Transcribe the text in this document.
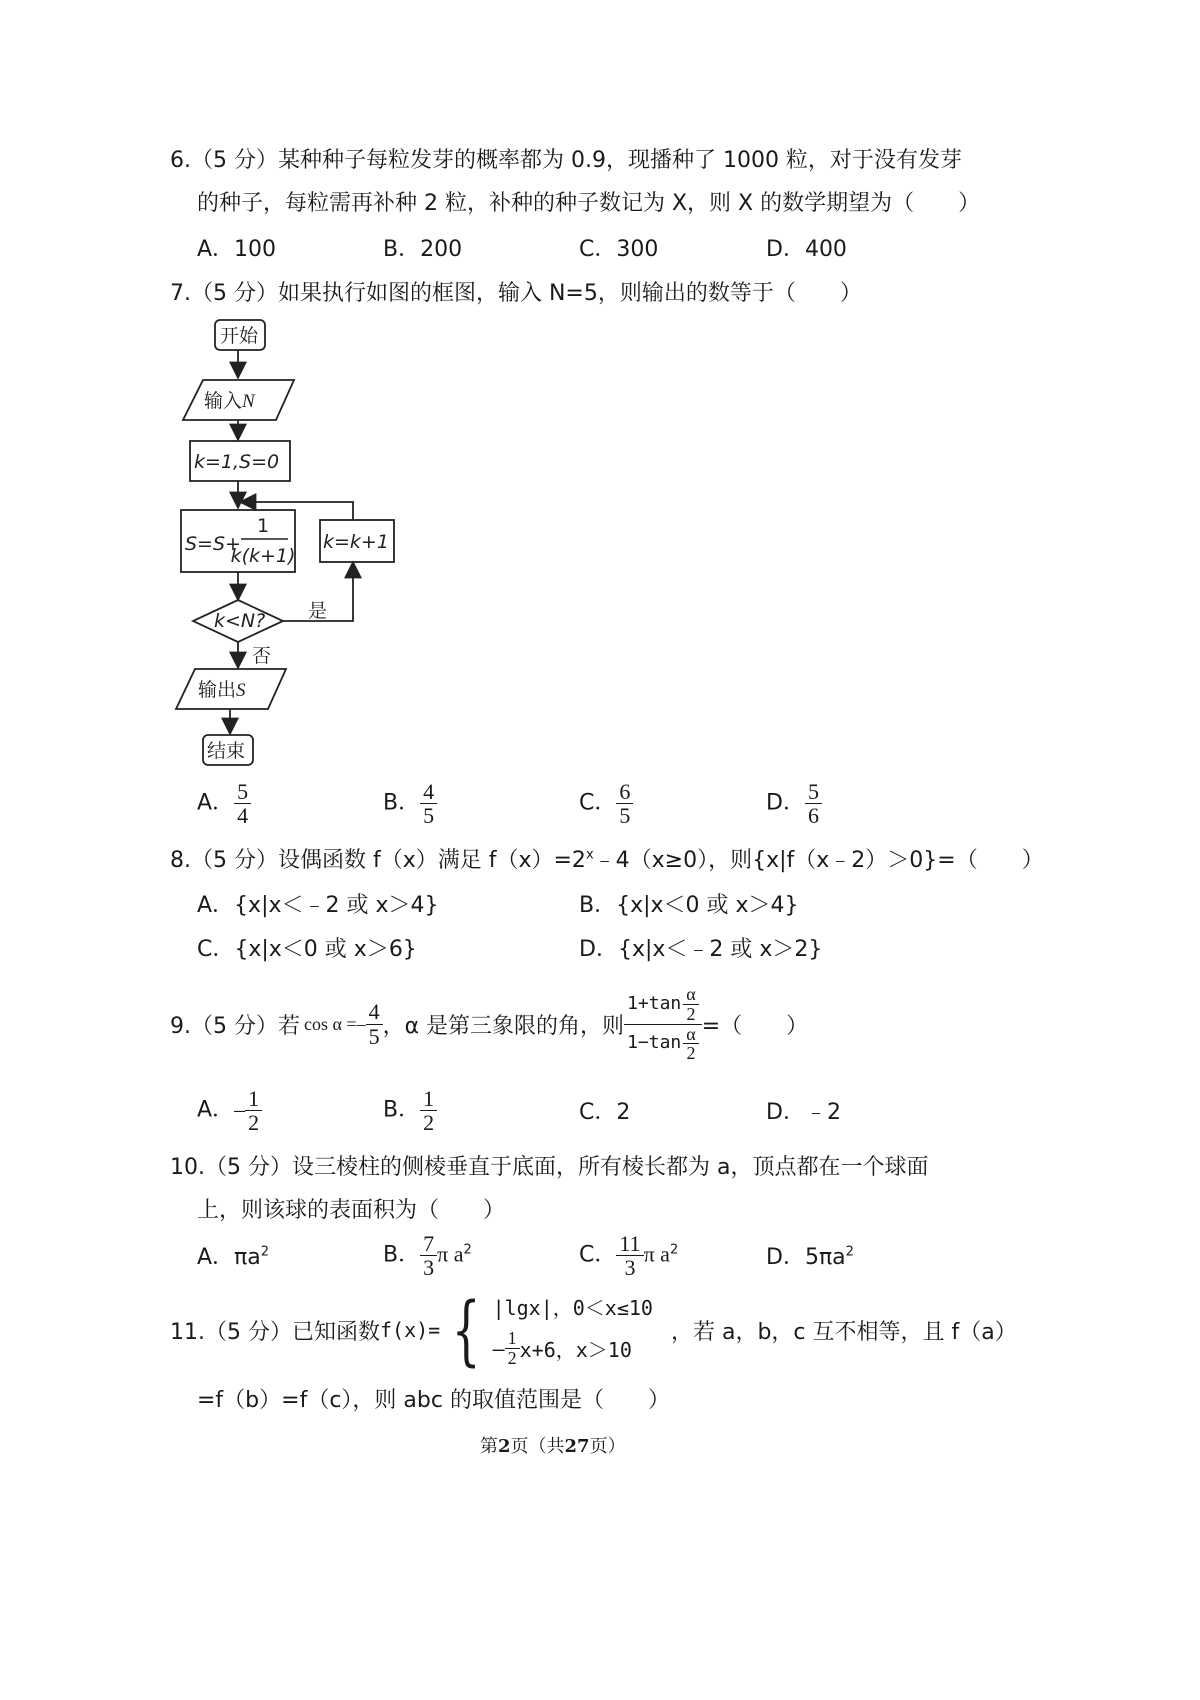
6.（5 分）某种种子每粒发芽的概率都为 0.9，现播种了 1000 粒，对于没有发芽
的种子，每粒需再补种 2 粒，补种的种子数记为 X，则 X 的数学期望为（　　）
A．100	B．200	C．300	D．400
7.（5 分）如果执行如图的框图，输入 N=5，则输出的数等于（　　）
开始
输入N
k=1,S=0
S=S+
1
k(k+1)
k=k+1
k<N? 是
否
输出S
结束
A． $\frac{5}{4}$	B． $\frac{4}{5}$	C． $\frac{6}{5}$	D． $\frac{5}{6}$
8.（5 分）设偶函数 f（x）满足 $f(x)=2^x﹣4(x\ge 0)$，则{x|f（x﹣2）＞0}=（　　）
A．{x|x＜﹣2 或 x＞4}	B．{x|x＜0 或 x＞4}
C．{x|x＜0 或 x＞6}	D．{x|x＜﹣2 或 x＞2}
9.（5 分）若 $\cos \alpha =- \frac{4}{5}$ ，α 是第三象限的角，则 $\frac{1+\tan \frac{\alpha}{2}}{1-\tan \frac{\alpha}{2}}$ =（　　）
A．– $\frac{1}{2}$	B． $\frac{1}{2}$	C．2	D．﹣2
10.（5 分）设三棱柱的侧棱垂直于底面，所有棱长都为 a，顶点都在一个球面
上，则该球的表面积为（　　）
A．$\pi a^2$	B． $\frac{7}{3}$ π $a^2$	C． $\frac{11}{3}$ π $a^2$	D．$5\pi a^2$
11.（5 分）已知函数 f(x)= { |lgx|，0＜x≤10
– $\frac{1}{2} x+6$，x＞10
，若 a，b，c 互不相等，且 f（a）
=f（b）=f（c），则 abc 的取值范围是（　　）
第2页（共27页）
